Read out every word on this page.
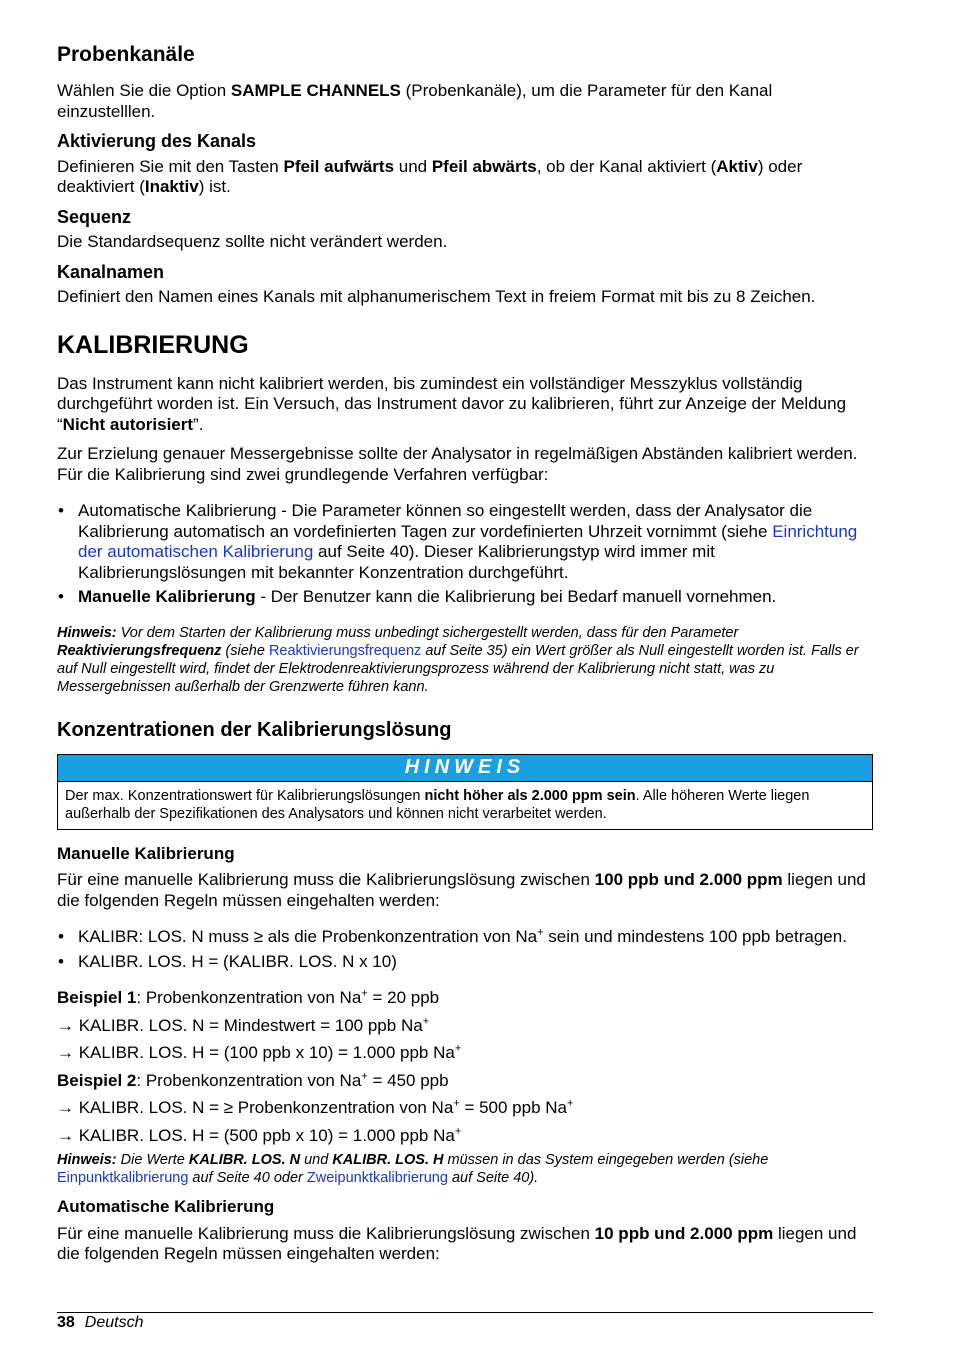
Probenkanäle

Wählen Sie die Option SAMPLE CHANNELS (Probenkanäle), um die Parameter für den Kanal einzustelllen.

Aktivierung des Kanals

Definieren Sie mit den Tasten Pfeil aufwärts und Pfeil abwärts, ob der Kanal aktiviert (Aktiv) oder deaktiviert (Inaktiv) ist.

Sequenz

Die Standardsequenz sollte nicht verändert werden.

Kanalnamen

Definiert den Namen eines Kanals mit alphanumerischem Text in freiem Format mit bis zu 8 Zeichen.

KALIBRIERUNG

Das Instrument kann nicht kalibriert werden, bis zumindest ein vollständiger Messzyklus vollständig durchgeführt worden ist. Ein Versuch, das Instrument davor zu kalibrieren, führt zur Anzeige der Meldung “Nicht autorisiert”.

Zur Erzielung genauer Messergebnisse sollte der Analysator in regelmäßigen Abständen kalibriert werden. Für die Kalibrierung sind zwei grundlegende Verfahren verfügbar:

• Automatische Kalibrierung - Die Parameter können so eingestellt werden, dass der Analysator die Kalibrierung automatisch an vordefinierten Tagen zur vordefinierten Uhrzeit vornimmt (siehe Einrichtung der automatischen Kalibrierung auf Seite 40). Dieser Kalibrierungstyp wird immer mit Kalibrierungslösungen mit bekannter Konzentration durchgeführt.
• Manuelle Kalibrierung - Der Benutzer kann die Kalibrierung bei Bedarf manuell vornehmen.
Hinweis: Vor dem Starten der Kalibrierung muss unbedingt sichergestellt werden, dass für den Parameter Reaktivierungsfrequenz (siehe Reaktivierungsfrequenz auf Seite 35) ein Wert größer als Null eingestellt worden ist. Falls er auf Null eingestellt wird, findet der Elektrodenreaktivierungsprozess während der Kalibrierung nicht statt, was zu Messergebnissen außerhalb der Grenzwerte führen kann.
Konzentrationen der Kalibrierungslösung
HINWEIS
Der max. Konzentrationswert für Kalibrierungslösungen nicht höher als 2.000 ppm sein. Alle höheren Werte liegen außerhalb der Spezifikationen des Analysators und können nicht verarbeitet werden.
Manuelle Kalibrierung

Für eine manuelle Kalibrierung muss die Kalibrierungslösung zwischen 100 ppb und 2.000 ppm liegen und die folgenden Regeln müssen eingehalten werden:

• KALIBR: LOS. N muss ≥ als die Probenkonzentration von Na+ sein und mindestens 100 ppb betragen.
• KALIBR. LOS. H = (KALIBR. LOS. N x 10)

Beispiel 1: Probenkonzentration von Na+ = 20 ppb

→ KALIBR. LOS. N = Mindestwert = 100 ppb Na+

→ KALIBR. LOS. H = (100 ppb x 10) = 1.000 ppb Na+

Beispiel 2: Probenkonzentration von Na+ = 450 ppb

→ KALIBR. LOS. N = ≥ Probenkonzentration von Na+ = 500 ppb Na+

→ KALIBR. LOS. H = (500 ppb x 10) = 1.000 ppb Na+

Hinweis: Die Werte KALIBR. LOS. N und KALIBR. LOS. H müssen in das System eingegeben werden (siehe Einpunktkalibrierung auf Seite 40 oder Zweipunktkalibrierung auf Seite 40).
Automatische Kalibrierung

Für eine manuelle Kalibrierung muss die Kalibrierungslösung zwischen 10 ppb und 2.000 ppm liegen und die folgenden Regeln müssen eingehalten werden:

38 Deutsch
